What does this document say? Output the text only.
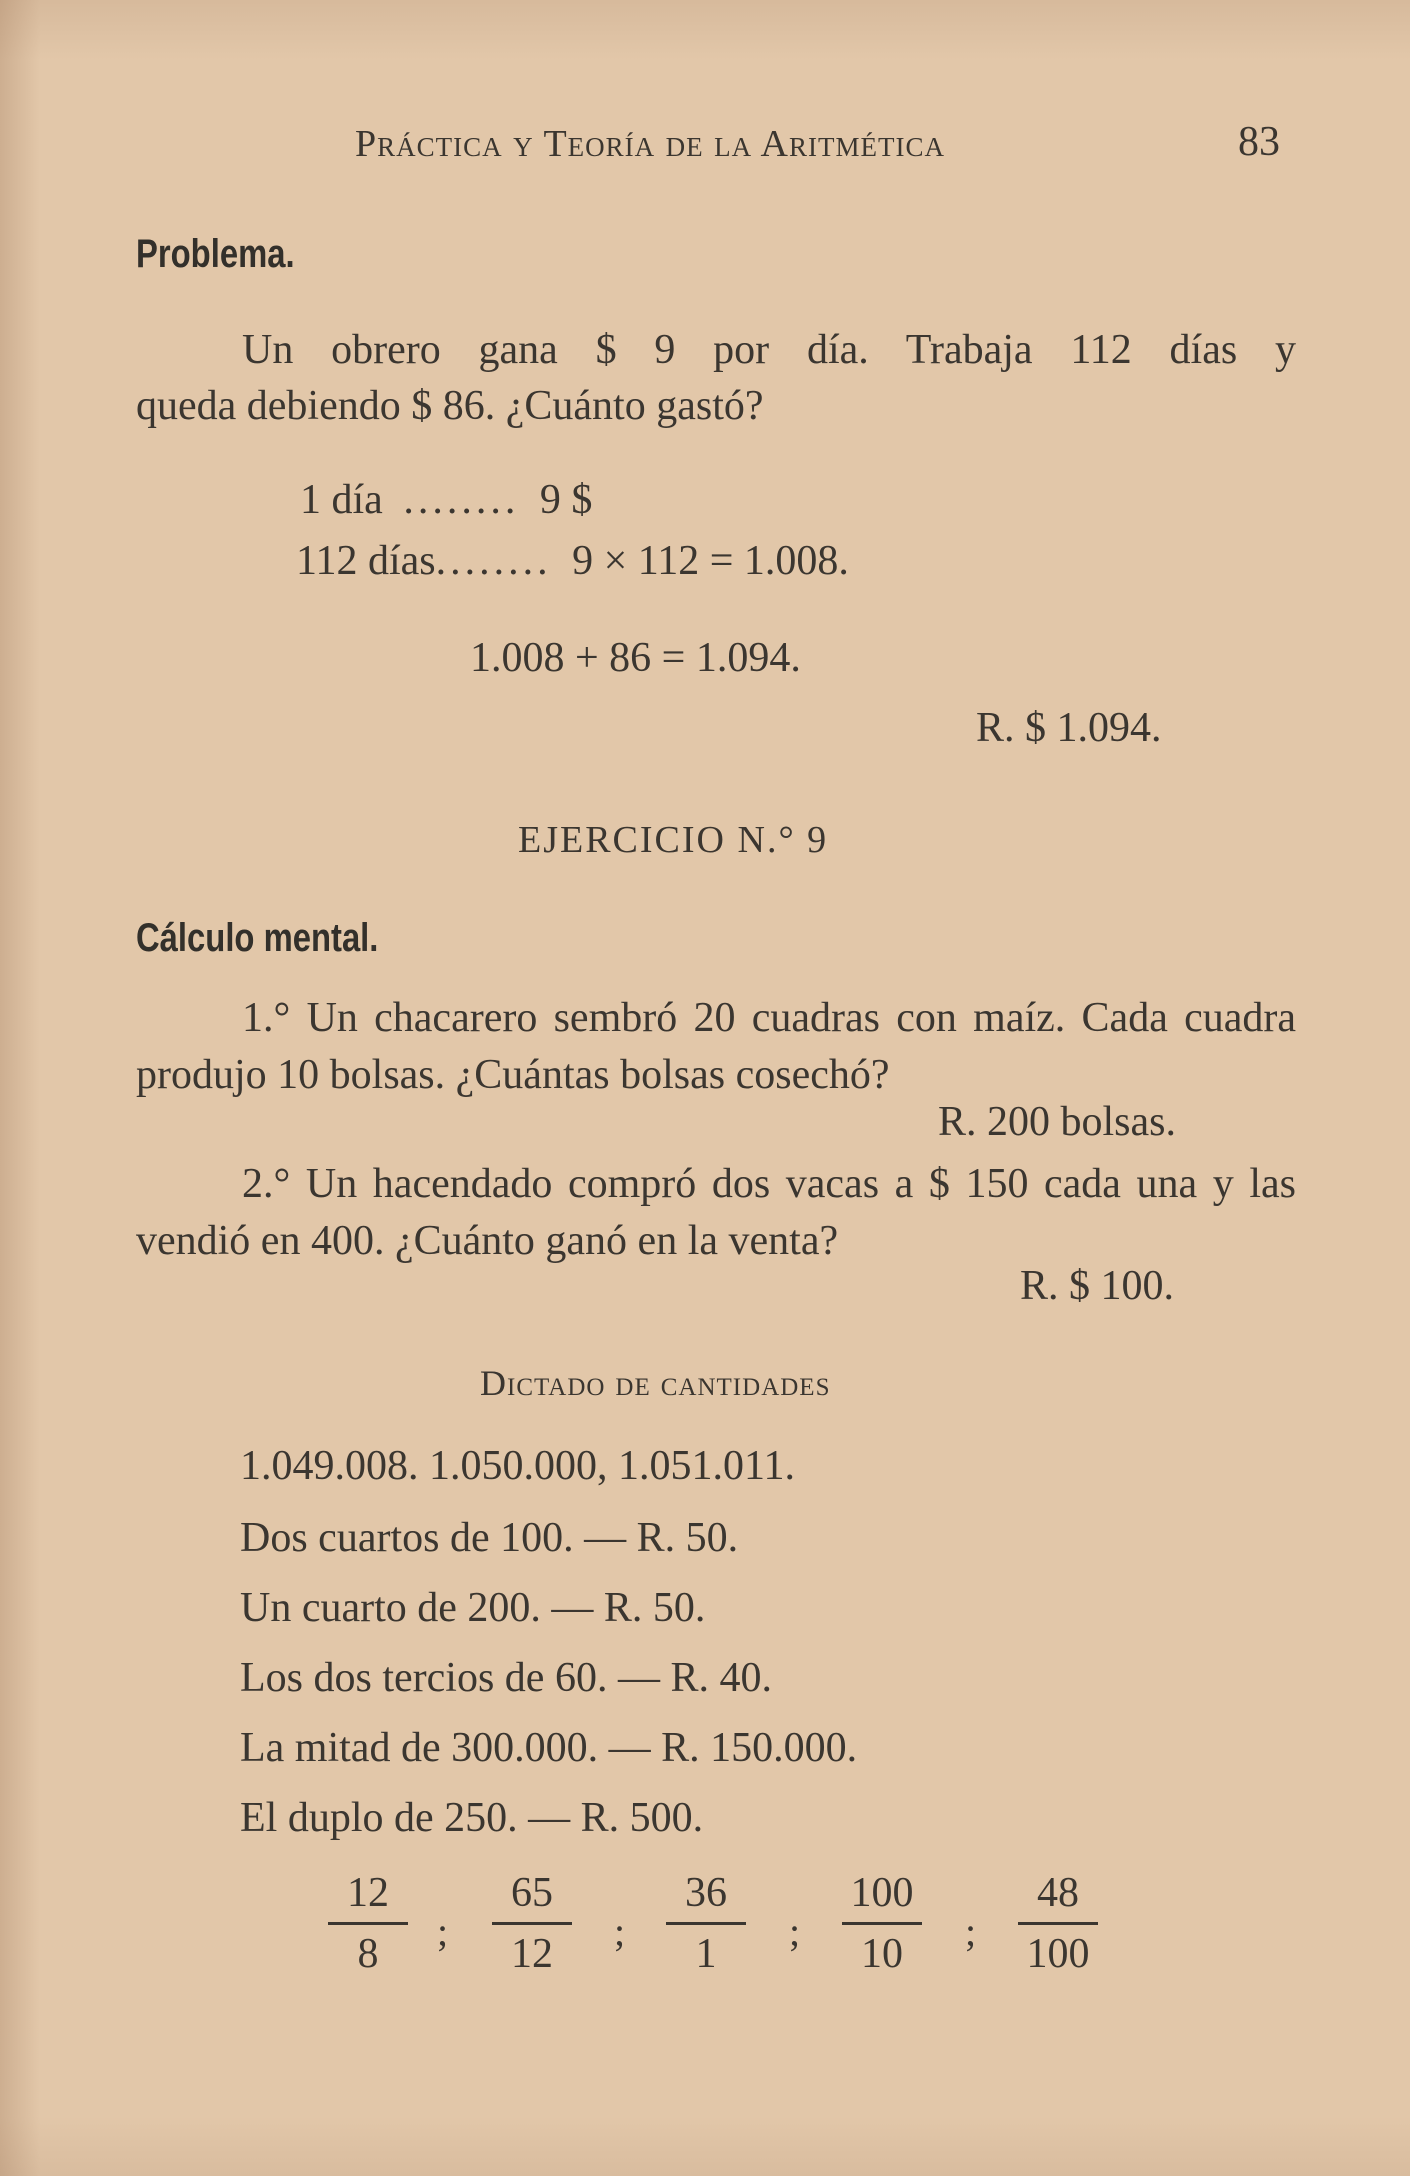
Práctica y Teoría de la Aritmética	83
Problema.
Un obrero gana $ 9 por día. Trabaja 112 días y
queda debiendo $ 86. ¿Cuánto gastó?
1 día ........ 9 $
112 días........ 9 × 112 = 1.008.
1.008 + 86 = 1.094.
R. $ 1.094.
EJERCICIO N.° 9
Cálculo mental.
1.° Un chacarero sembró 20 cuadras con maíz. Cada cuadra produjo 10 bolsas. ¿Cuántas bolsas cosechó?
R. 200 bolsas.
2.° Un hacendado compró dos vacas a $ 150 cada una y las vendió en 400. ¿Cuánto ganó en la venta?
R. $ 100.
Dictado de cantidades
1.049.008. 1.050.000, 1.051.011.
Dos cuartos de 100. — R. 50.
Un cuarto de 200. — R. 50.
Los dos tercios de 60. — R. 40.
La mitad de 300.000. — R. 150.000.
El duplo de 250. — R. 500.
12
8	;
65
12	;
36
1	;
100
10	;
48
100
